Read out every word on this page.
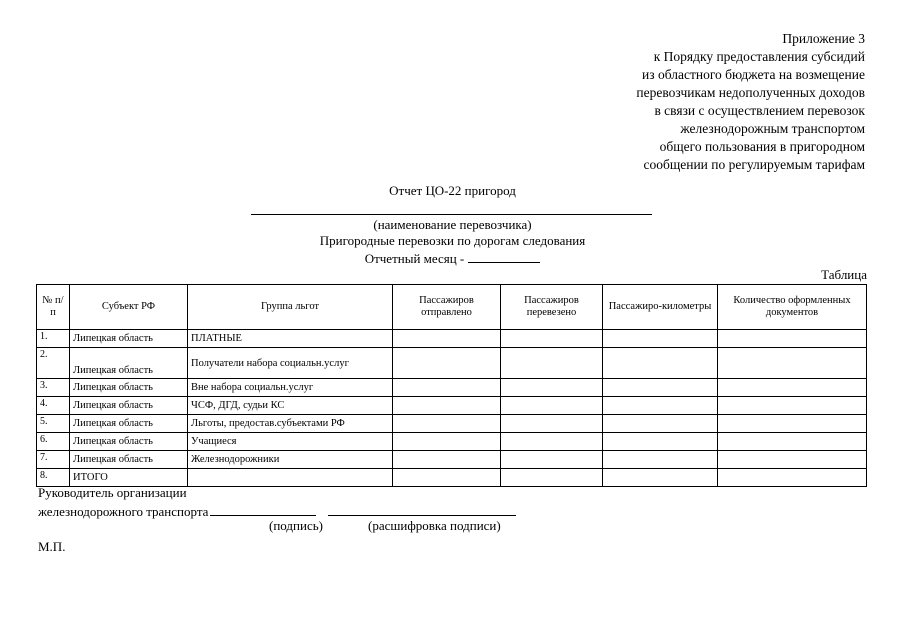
Приложение 3
к Порядку предоставления субсидий
из областного бюджета на возмещение
перевозчикам недополученных доходов
в связи с осуществлением перевозок
железнодорожным транспортом
общего пользования в пригородном
сообщении по регулируемым тарифам
Отчет ЦО-22 пригород
(наименование перевозчика)
Пригородные перевозки по дорогам следования
Отчетный месяц -
Таблица
№ п/п	Субъект РФ	Группа льгот	Пассажиров отправлено	Пассажиров перевезено	Пассажиро-километры	Количество оформленных документов
1.	Липецкая область	ПЛАТНЫЕ				
2.	Липецкая область	Получатели набора социальн.услуг				
3.	Липецкая область	Вне набора социальн.услуг				
4.	Липецкая область	ЧСФ, ДГД, судьи КС				
5.	Липецкая область	Льготы, предостав.субъектами РФ				
6.	Липецкая область	Учащиеся				
7.	Липецкая область	Железнодорожники				
8.	ИТОГО					
Руководитель организации
железнодорожного транспорта
(подпись)	(расшифровка подписи)
М.П.
